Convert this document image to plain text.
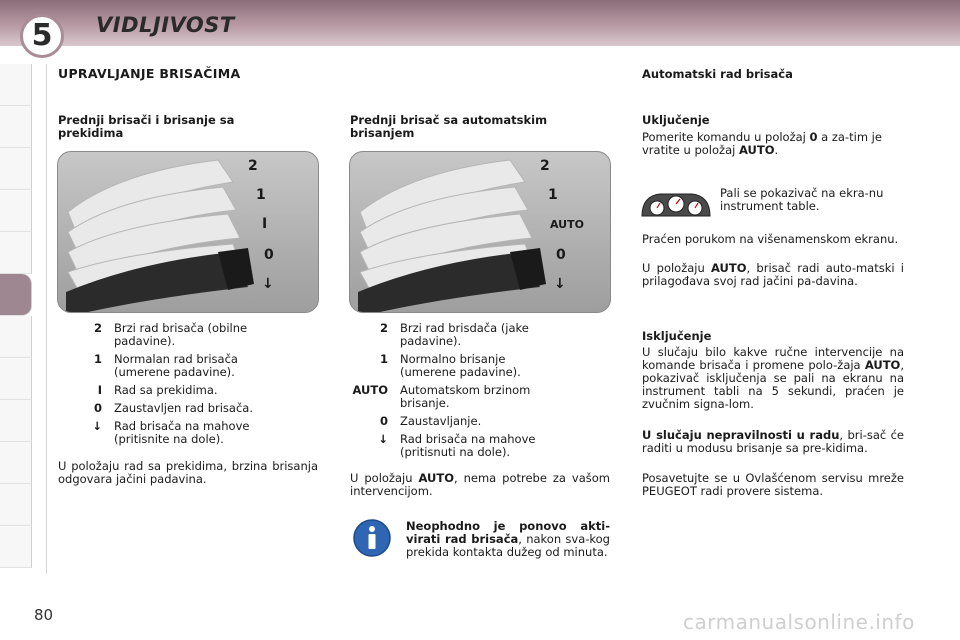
5	VIDLJIVOST
UPRAVLJANJE BRISAČIMA
Prednji brisači i brisanje sa prekidima
2
1
I
0
↓
2	Brzi rad brisača (obilne padavine).
1	Normalan rad brisača (umerene padavine).
I	Rad sa prekidima.
0	Zaustavljen rad brisača.
↓	Rad brisača na mahove (pritisnite na dole).
U položaju rad sa prekidima, brzina brisanja odgovara jačini padavina.
Prednji brisač sa automatskim brisanjem
2
1
AUTO
0
↓
2	Brzi rad brisdača (jake padavine).
1	Normalno brisanje (umerene padavine).
AUTO	Automatskom brzinom brisanje.
0	Zaustavljanje.
↓	Rad brisača na mahove (pritisnuti na dole).
U položaju AUTO, nema potrebe za vašom intervencijom.
Neophodno je ponovo akti-virati rad brisača, nakon sva-kog prekida kontakta dužeg od minuta.
Automatski rad brisača
Uključenje
Pomerite komandu u položaj 0 a za-tim je vratite u položaj AUTO.
Pali se pokazivač na ekra-nu instrument table.
Praćen porukom na višenamenskom ekranu.
U položaju AUTO, brisač radi auto-matski i prilagođava svoj rad jačini pa-davina.
Isključenje
U slučaju bilo kakve ručne intervencije na komande brisača i promene polo-žaja AUTO, pokazivač isključenja se pali na ekranu na instrument tabli na 5 sekundi, praćen je zvučnim signa-lom.
U slučaju nepravilnosti u radu, bri-sač će raditi u modusu brisanje sa pre-kidima.
Posavetujte se u Ovlašćenom servisu mreže PEUGEOT radi provere sistema.
80	carmanualsonline.info
